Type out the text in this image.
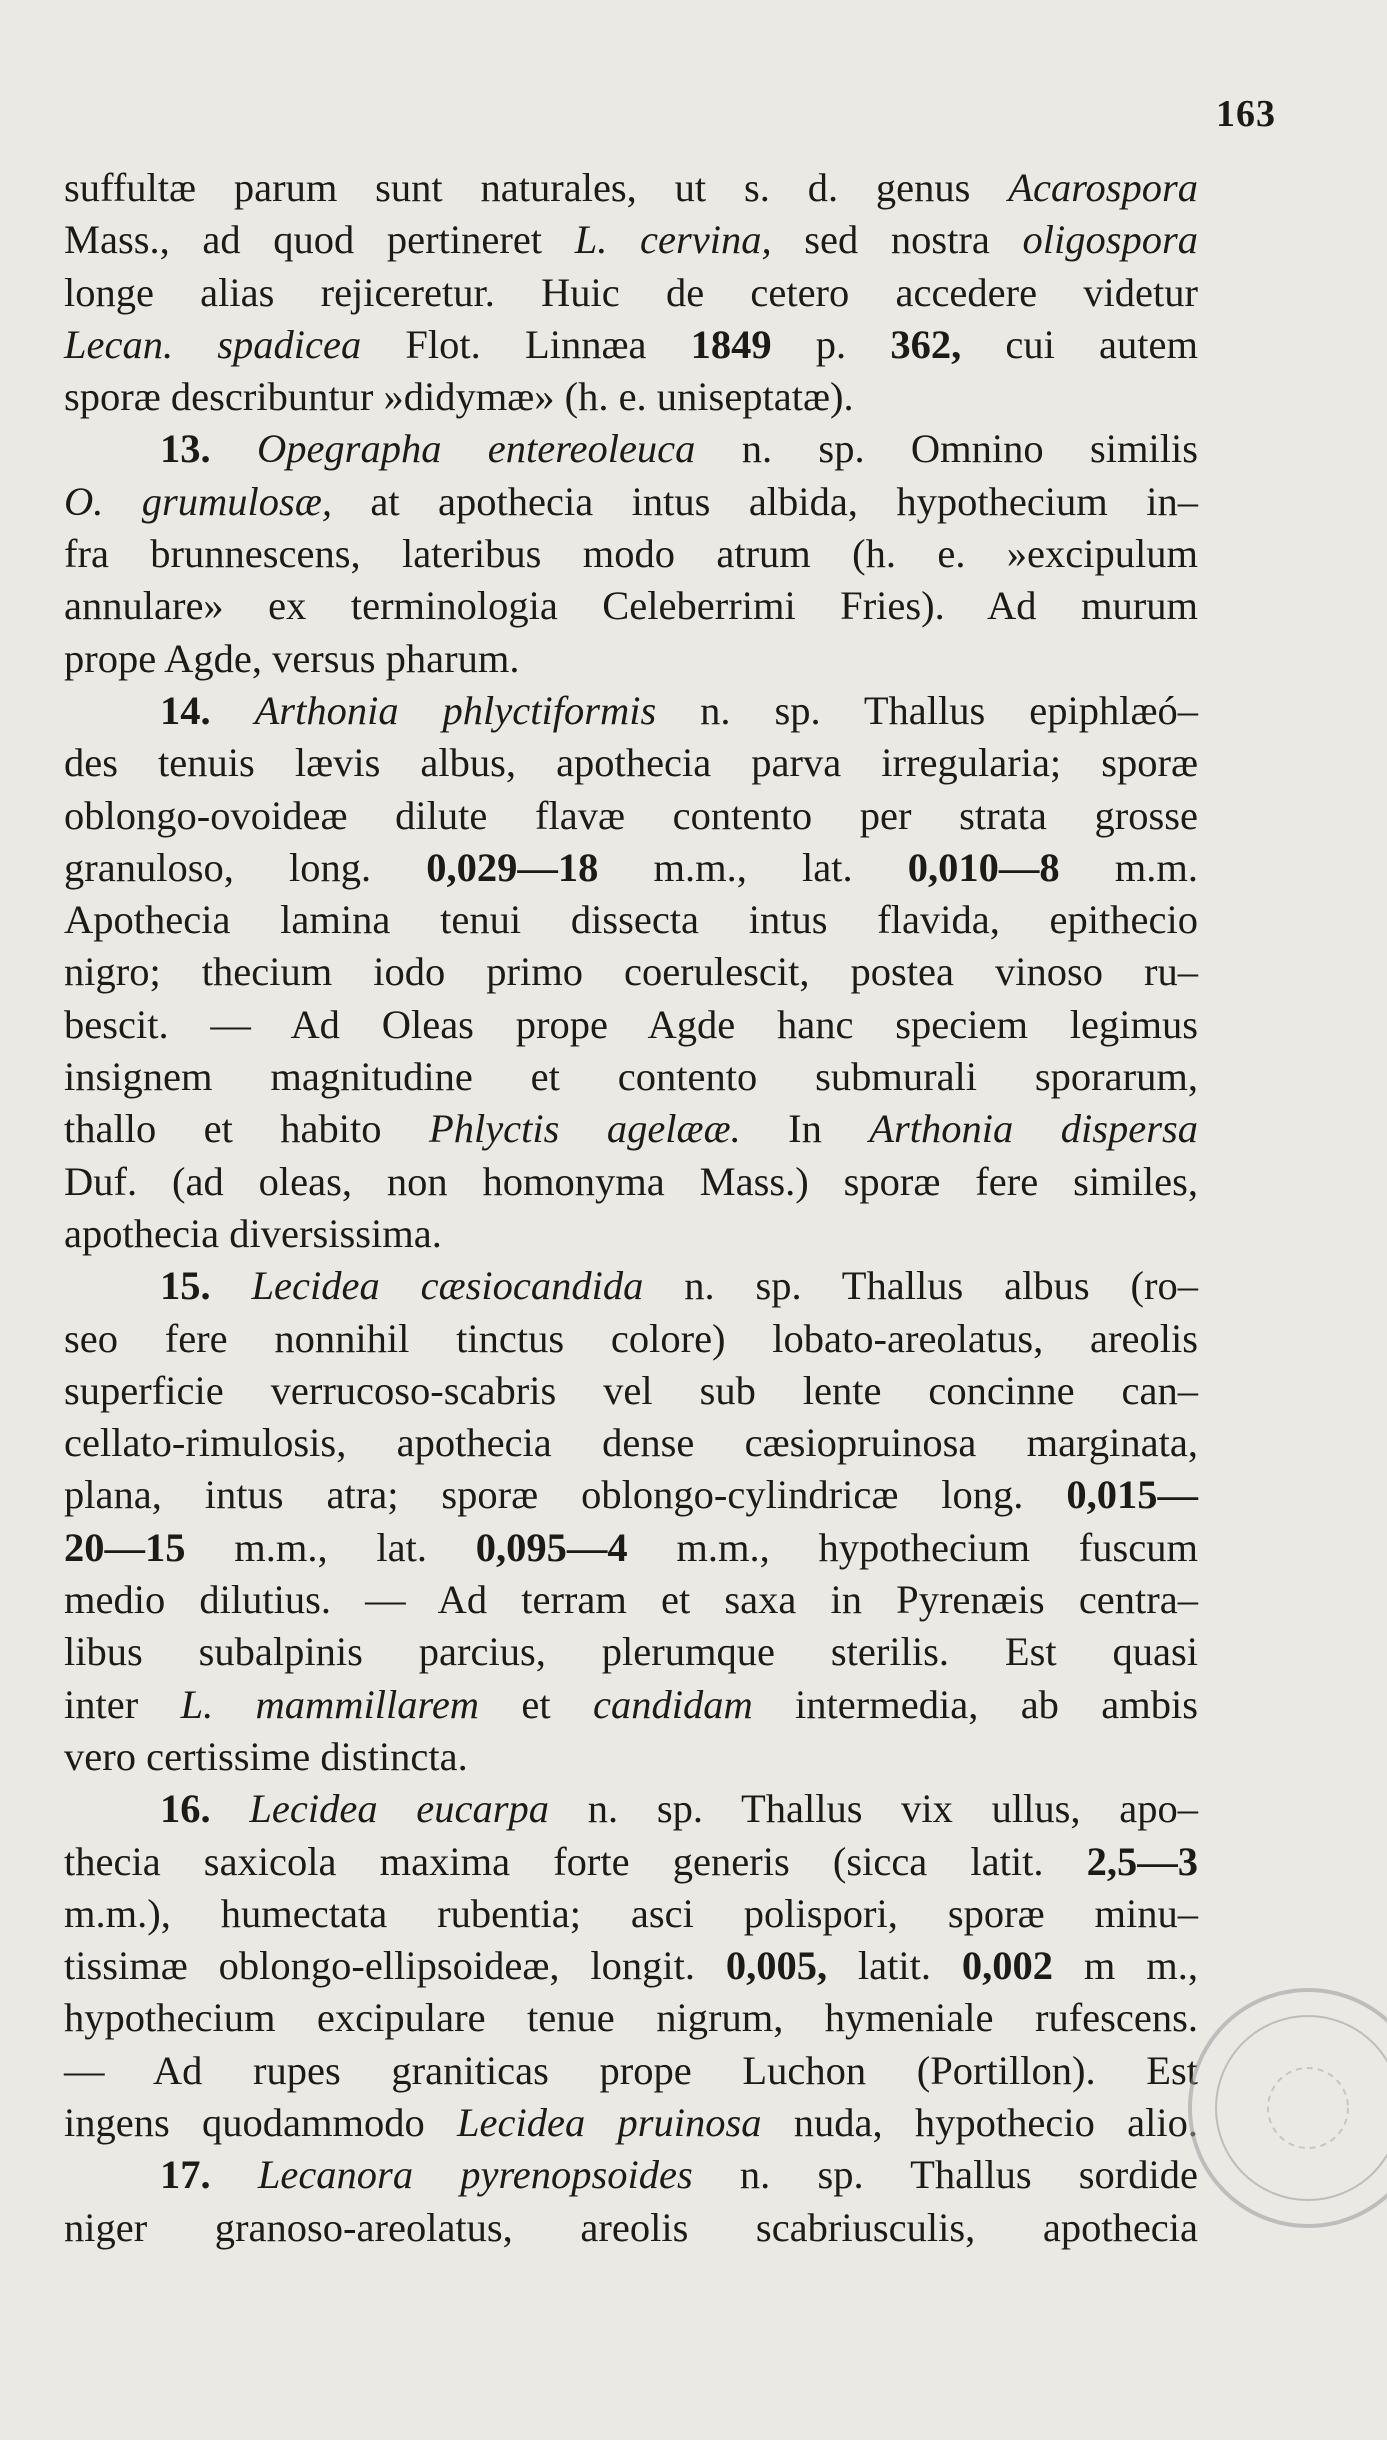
163
suffultæ parum sunt naturales, ut s. d. genus Acarospora
Mass., ad quod pertineret L. cervina, sed nostra oligospora
longe alias rejiceretur. Huic de cetero accedere videtur
Lecan. spadicea Flot. Linnæa 1849 p. 362, cui autem
sporæ describuntur »didymæ» (h. e. uniseptatæ).
13. Opegrapha entereoleuca n. sp. Omnino similis
O. grumulosæ, at apothecia intus albida, hypothecium in–
fra brunnescens, lateribus modo atrum (h. e. »excipulum
annulare» ex terminologia Celeberrimi Fries). Ad murum
prope Agde, versus pharum.
14. Arthonia phlyctiformis n. sp. Thallus epiphlæó–
des tenuis lævis albus, apothecia parva irregularia; sporæ
oblongo-ovoideæ dilute flavæ contento per strata grosse
granuloso, long. 0,029—18 m.m., lat. 0,010—8 m.m.
Apothecia lamina tenui dissecta intus flavida, epithecio
nigro; thecium iodo primo coerulescit, postea vinoso ru–
bescit. — Ad Oleas prope Agde hanc speciem legimus
insignem magnitudine et contento submurali sporarum,
thallo et habito Phlyctis agelææ. In Arthonia dispersa
Duf. (ad oleas, non homonyma Mass.) sporæ fere similes,
apothecia diversissima.
15. Lecidea cæsiocandida n. sp. Thallus albus (ro–
seo fere nonnihil tinctus colore) lobato-areolatus, areolis
superficie verrucoso-scabris vel sub lente concinne can–
cellato-rimulosis, apothecia dense cæsiopruinosa marginata,
plana, intus atra; sporæ oblongo-cylindricæ long. 0,015—
20—15 m.m., lat. 0,095—4 m.m., hypothecium fuscum
medio dilutius. — Ad terram et saxa in Pyrenæis centra–
libus subalpinis parcius, plerumque sterilis. Est quasi
inter L. mammillarem et candidam intermedia, ab ambis
vero certissime distincta.
16. Lecidea eucarpa n. sp. Thallus vix ullus, apo–
thecia saxicola maxima forte generis (sicca latit. 2,5—3
m.m.), humectata rubentia; asci polispori, sporæ minu–
tissimæ oblongo-ellipsoideæ, longit. 0,005, latit. 0,002 m m.,
hypothecium excipulare tenue nigrum, hymeniale rufescens.
— Ad rupes graniticas prope Luchon (Portillon). Est
ingens quodammodo Lecidea pruinosa nuda, hypothecio alio.
17. Lecanora pyrenopsoides n. sp. Thallus sordide
niger granoso-areolatus, areolis scabriusculis, apothecia
